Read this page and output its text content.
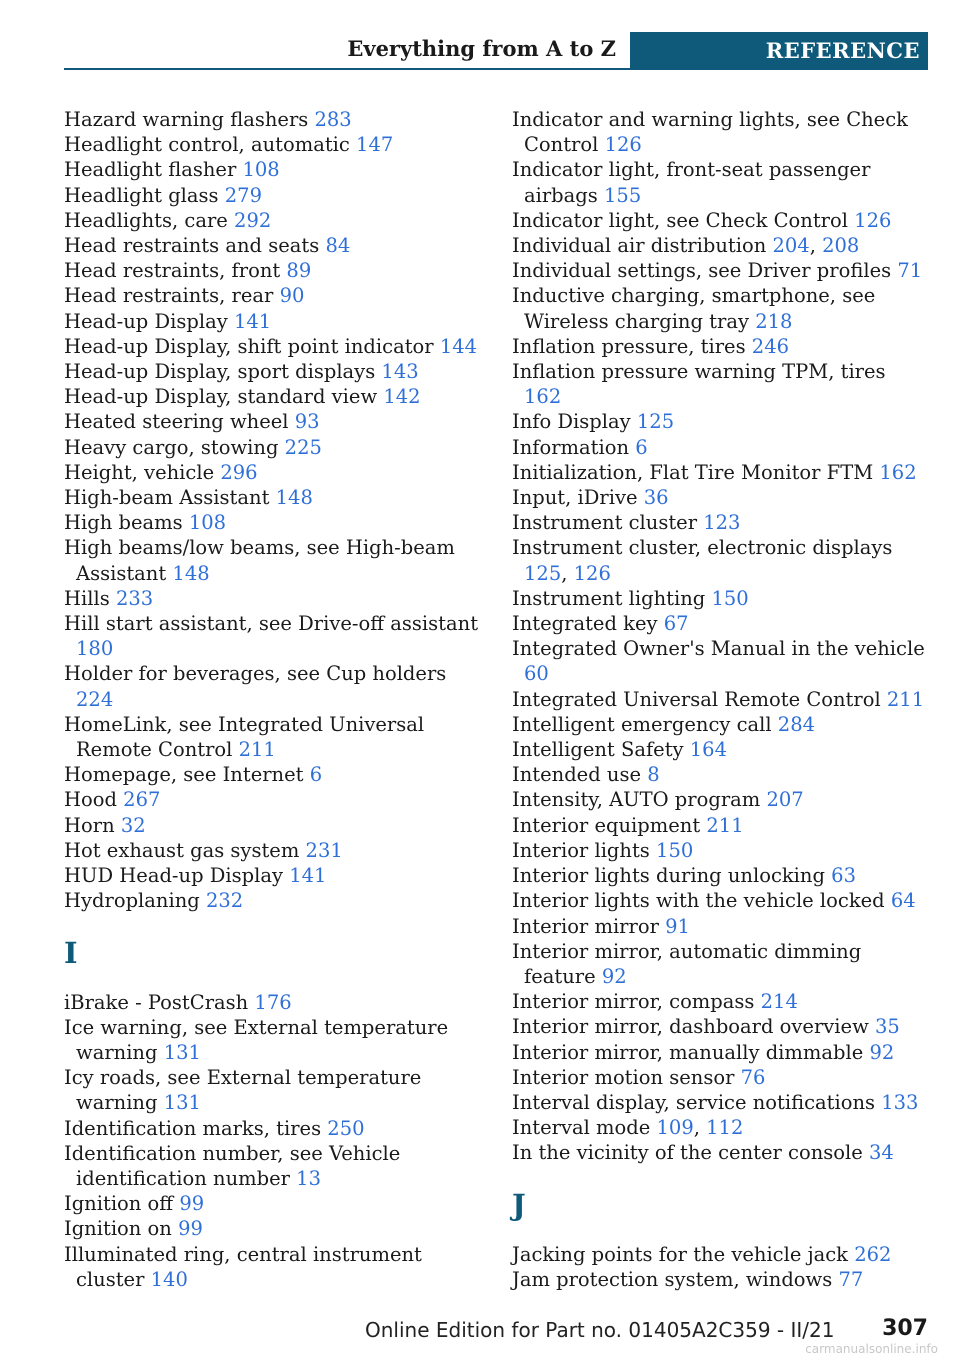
Everything from A to Z	REFERENCE

Hazard warning flashers 283

Headlight control, automatic 147

Headlight flasher 108

Headlight glass 279

Headlights, care 292

Head restraints and seats 84

Head restraints, front 89

Head restraints, rear 90

Head-up Display 141

Head-up Display, shift point indicator 144

Head-up Display, sport displays 143

Head-up Display, standard view 142

Heated steering wheel 93

Heavy cargo, stowing 225

Height, vehicle 296

High-beam Assistant 148

High beams 108

High beams/low beams, see High-beam Assistant 148

Hills 233

Hill start assistant, see Drive-off assistant 180

Holder for beverages, see Cup holders 224

HomeLink, see Integrated Universal Remote Control 211

Homepage, see Internet 6

Hood 267

Horn 32

Hot exhaust gas system 231

HUD Head-up Display 141

Hydroplaning 232

I

iBrake - PostCrash 176

Ice warning, see External temperature warning 131

Icy roads, see External temperature warning 131

Identification marks, tires 250

Identification number, see Vehicle identification number 13

Ignition off 99

Ignition on 99

Illuminated ring, central instrument cluster 140

Indicator and warning lights, see Check Control 126

Indicator light, front-seat passenger airbags 155

Indicator light, see Check Control 126

Individual air distribution 204, 208

Individual settings, see Driver profiles 71

Inductive charging, smartphone, see Wireless charging tray 218

Inflation pressure, tires 246

Inflation pressure warning TPM, tires 162

Info Display 125

Information 6

Initialization, Flat Tire Monitor FTM 162

Input, iDrive 36

Instrument cluster 123

Instrument cluster, electronic displays 125, 126

Instrument lighting 150

Integrated key 67

Integrated Owner's Manual in the vehicle 60

Integrated Universal Remote Control 211

Intelligent emergency call 284

Intelligent Safety 164

Intended use 8

Intensity, AUTO program 207

Interior equipment 211

Interior lights 150

Interior lights during unlocking 63

Interior lights with the vehicle locked 64

Interior mirror 91

Interior mirror, automatic dimming feature 92

Interior mirror, compass 214

Interior mirror, dashboard overview 35

Interior mirror, manually dimmable 92

Interior motion sensor 76

Interval display, service notifications 133

Interval mode 109, 112

In the vicinity of the center console 34

J

Jacking points for the vehicle jack 262

Jam protection system, windows 77

Online Edition for Part no. 01405A2C359 - II/21 307
carmanualsonline.info
